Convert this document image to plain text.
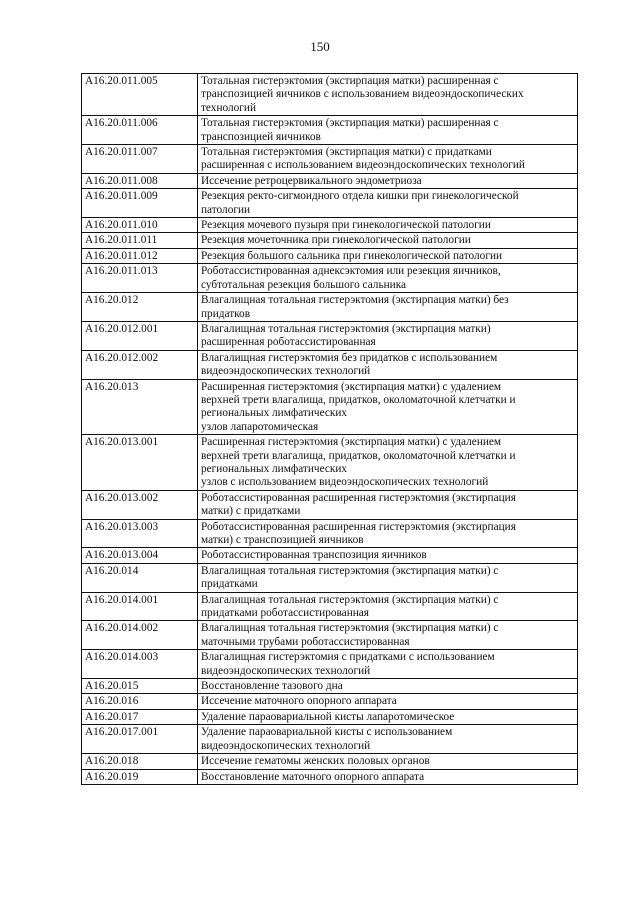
150
A16.20.011.005	Тотальная гистерэктомия (экстирпация матки) расширенная с
транспозицией яичников с использованием видеоэндоскопических
технологий
A16.20.011.006	Тотальная гистерэктомия (экстирпация матки) расширенная с
транспозицией яичников
A16.20.011.007	Тотальная гистерэктомия (экстирпация матки) с придатками
расширенная с использованием видеоэндоскопических технологий
A16.20.011.008	Иссечение ретроцервикального эндометриоза
A16.20.011.009	Резекция ректо-сигмоидного отдела кишки при гинекологической
патологии
A16.20.011.010	Резекция мочевого пузыря при гинекологической патологии
A16.20.011.011	Резекция мочеточника при гинекологической патологии
A16.20.011.012	Резекция большого сальника при гинекологической патологии
A16.20.011.013	Роботассистированная аднексэктомия или резекция яичников,
субтотальная резекция большого сальника
A16.20.012	Влагалищная тотальная гистерэктомия (экстирпация матки) без
придатков
A16.20.012.001	Влагалищная тотальная гистерэктомия (экстирпация матки)
расширенная роботассистированная
A16.20.012.002	Влагалищная гистерэктомия без придатков с использованием
видеоэндоскопических технологий
A16.20.013	Расширенная гистерэктомия (экстирпация матки) с удалением
верхней трети влагалища, придатков, околоматочной клетчатки и
региональных лимфатических
узлов лапаротомическая
A16.20.013.001	Расширенная гистерэктомия (экстирпация матки) с удалением
верхней трети влагалища, придатков, околоматочной клетчатки и
региональных лимфатических
узлов с использованием видеоэндоскопических технологий
A16.20.013.002	Роботассистированная расширенная гистерэктомия (экстирпация
матки) с придатками
A16.20.013.003	Роботассистированная расширенная гистерэктомия (экстирпация
матки) с транспозицией яичников
A16.20.013.004	Роботассистированная транспозиция яичников
A16.20.014	Влагалищная тотальная гистерэктомия (экстирпация матки) с
придатками
A16.20.014.001	Влагалищная тотальная гистерэктомия (экстирпация матки) с
придатками роботассистированная
A16.20.014.002	Влагалищная тотальная гистерэктомия (экстирпация матки) с
маточными трубами роботассистированная
A16.20.014.003	Влагалищная гистерэктомия с придатками с использованием
видеоэндоскопических технологий
A16.20.015	Восстановление тазового дна
A16.20.016	Иссечение маточного опорного аппарата
A16.20.017	Удаление параовариальной кисты лапаротомическое
A16.20.017.001	Удаление параовариальной кисты с использованием
видеоэндоскопических технологий
A16.20.018	Иссечение гематомы женских половых органов
A16.20.019	Восстановление маточного опорного аппарата
